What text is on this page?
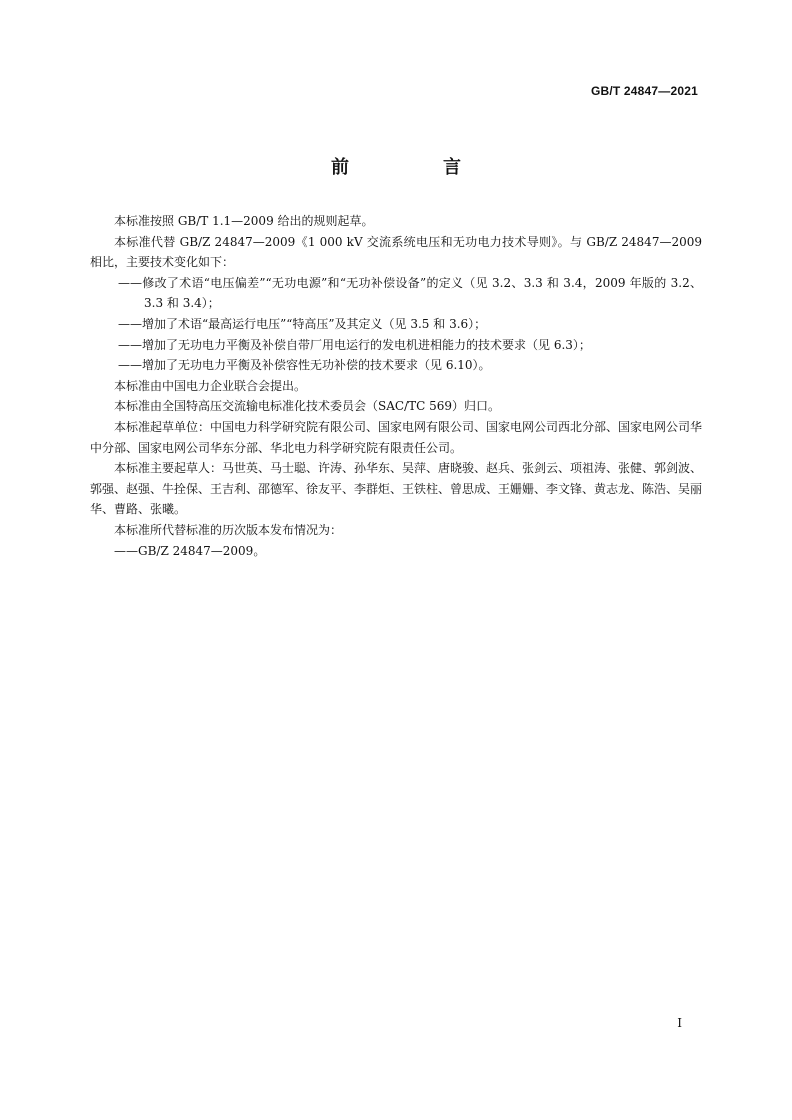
GB/T 24847—2021
前　言

本标准按照 GB/T 1.1—2009 给出的规则起草。

本标准代替 GB/Z 24847—2009《1 000 kV 交流系统电压和无功电力技术导则》。与 GB/Z 24847—2009 相比，主要技术变化如下：

——修改了术语“电压偏差”“无功电源”和“无功补偿设备”的定义（见 3.2、3.3 和 3.4，2009 年版的 3.2、3.3 和 3.4）；

——增加了术语“最高运行电压”“特高压”及其定义（见 3.5 和 3.6）；

——增加了无功电力平衡及补偿自带厂用电运行的发电机进相能力的技术要求（见 6.3）；

——增加了无功电力平衡及补偿容性无功补偿的技术要求（见 6.10）。

本标准由中国电力企业联合会提出。

本标准由全国特高压交流输电标准化技术委员会（SAC/TC 569）归口。

本标准起草单位：中国电力科学研究院有限公司、国家电网有限公司、国家电网公司西北分部、国家电网公司华中分部、国家电网公司华东分部、华北电力科学研究院有限责任公司。

本标准主要起草人：马世英、马士聪、许涛、孙华东、吴萍、唐晓骏、赵兵、张剑云、项祖涛、张健、郭剑波、郭强、赵强、牛拴保、王吉利、邵德军、徐友平、李群炬、王铁柱、曾思成、王姗姗、李文锋、黄志龙、陈浩、吴丽华、曹路、张曦。

本标准所代替标准的历次版本发布情况为：

——GB/Z 24847—2009。

I
